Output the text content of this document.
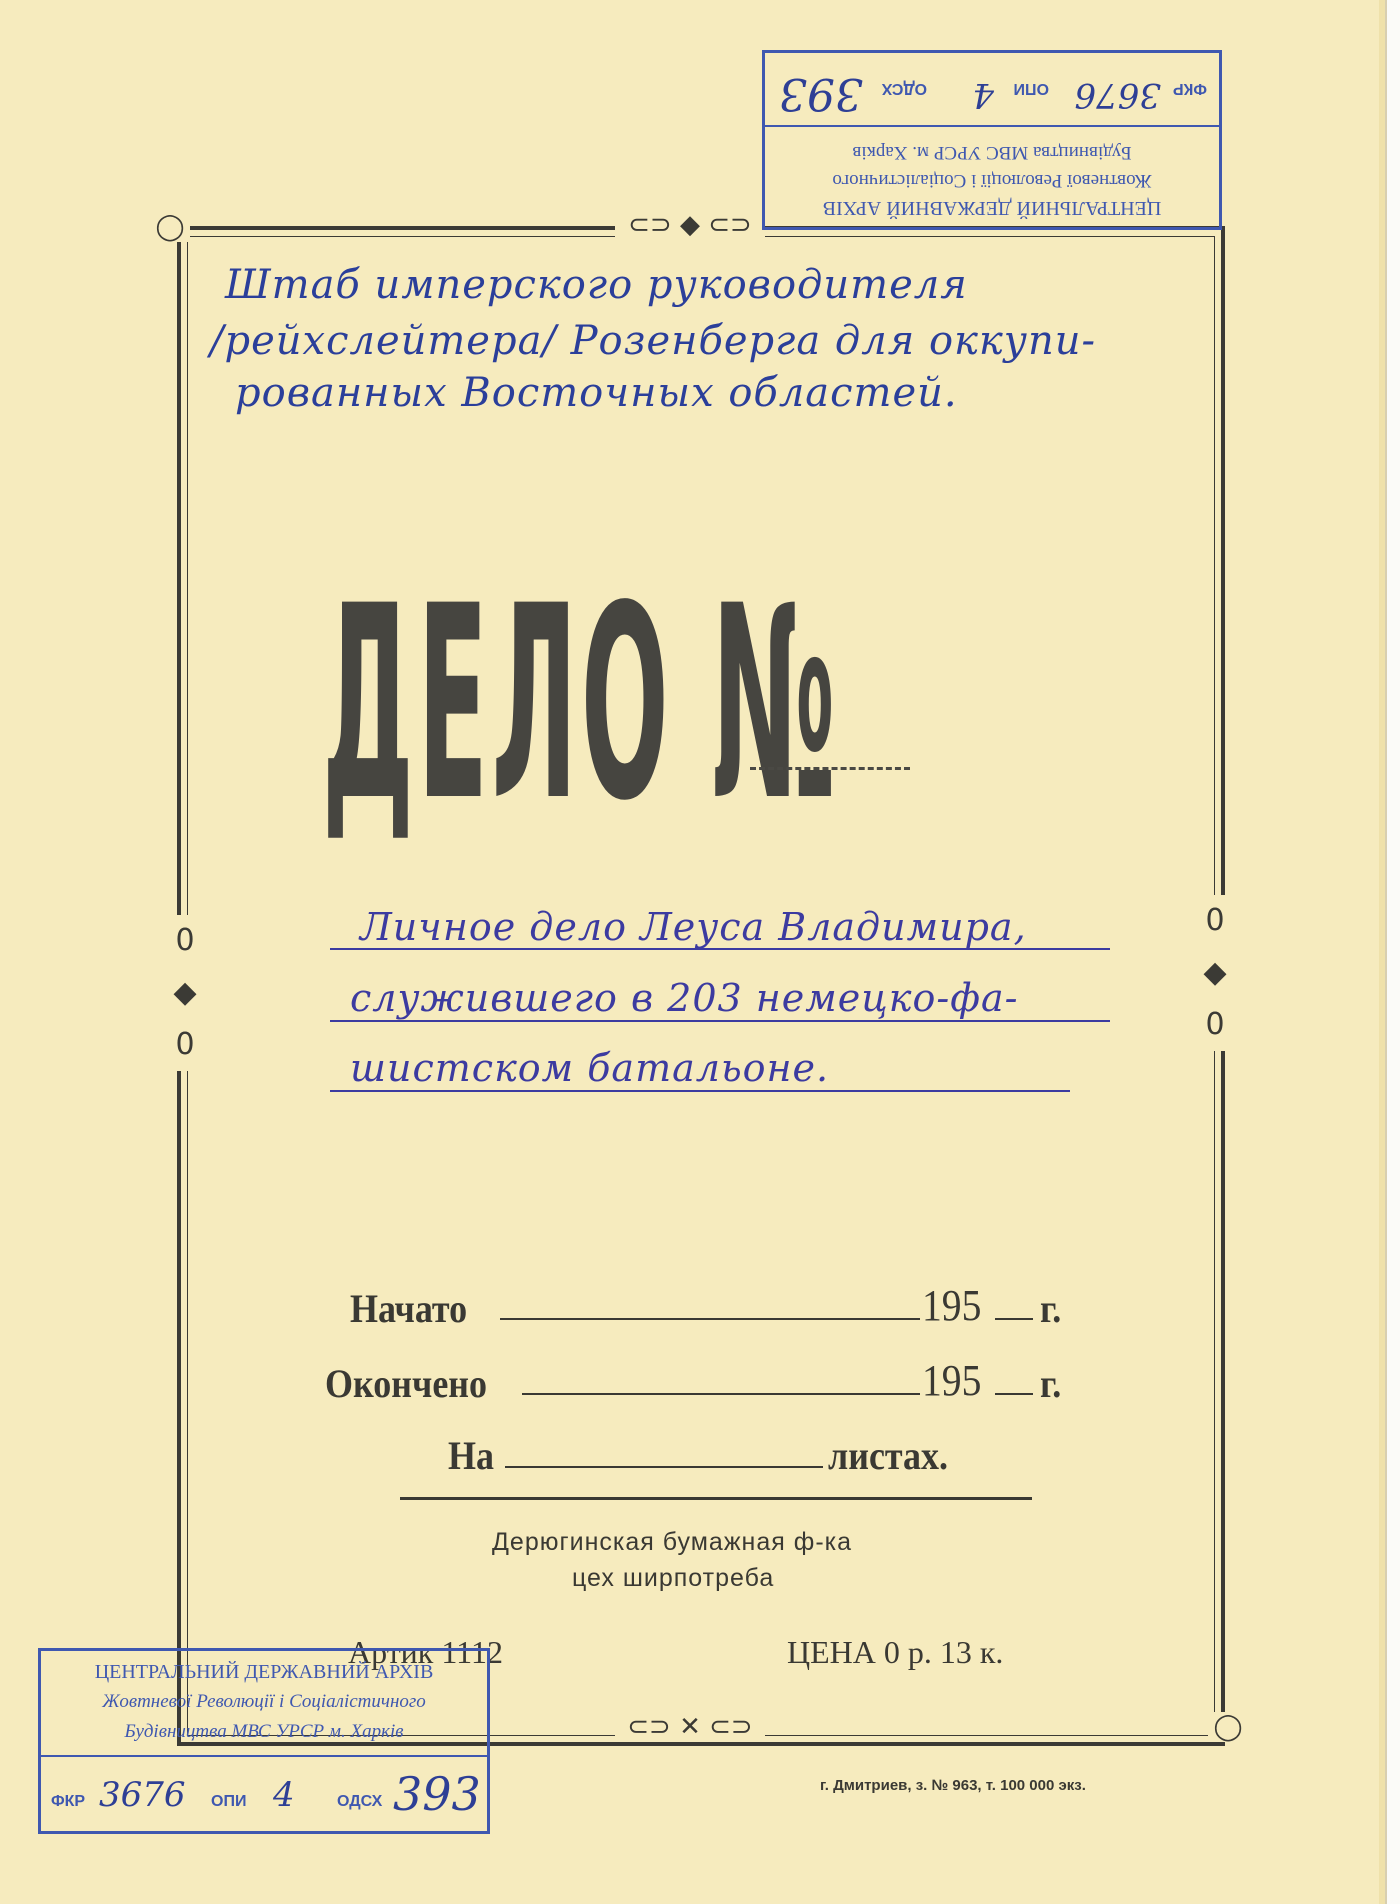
◯	⊂⊃ ◆ ⊂⊃
⊂⊃ ✕ ⊂⊃	◯
0
◆
0
0
◆
0
ЦЕНТРАЛЬНИЙ ДЕРЖАВНИЙ АРХІВ
Жовтневої Революції і Соціалістичного
Будівництва МВС УРСР м. Харків
ФКР
3676
ОПИ
4
ОДСХ
393
Штаб имперского руководителя
/рейхслейтера/ Розенберга для оккупи-
рованных Восточных областей.
ДЕЛО №
Личное дело Леуса Владимира,
служившего в 203 немецко-фа-
шистском батальоне.
Начато	195 г.
Окончено	195 г.
На	листах.
Дерюгинская бумажная ф-ка
цех ширпотреба
Артик 1112	ЦЕНА 0 р. 13 к.
г. Дмитриев, з. № 963, т. 100 000 экз.
ЦЕНТРАЛЬНИЙ ДЕРЖАВНИЙ АРХІВ
Жовтневої Революції і Соціалістичного
Будівництва МВС УРСР м. Харків
ФКР 3676 ОПИ 4	ОДСХ 393
